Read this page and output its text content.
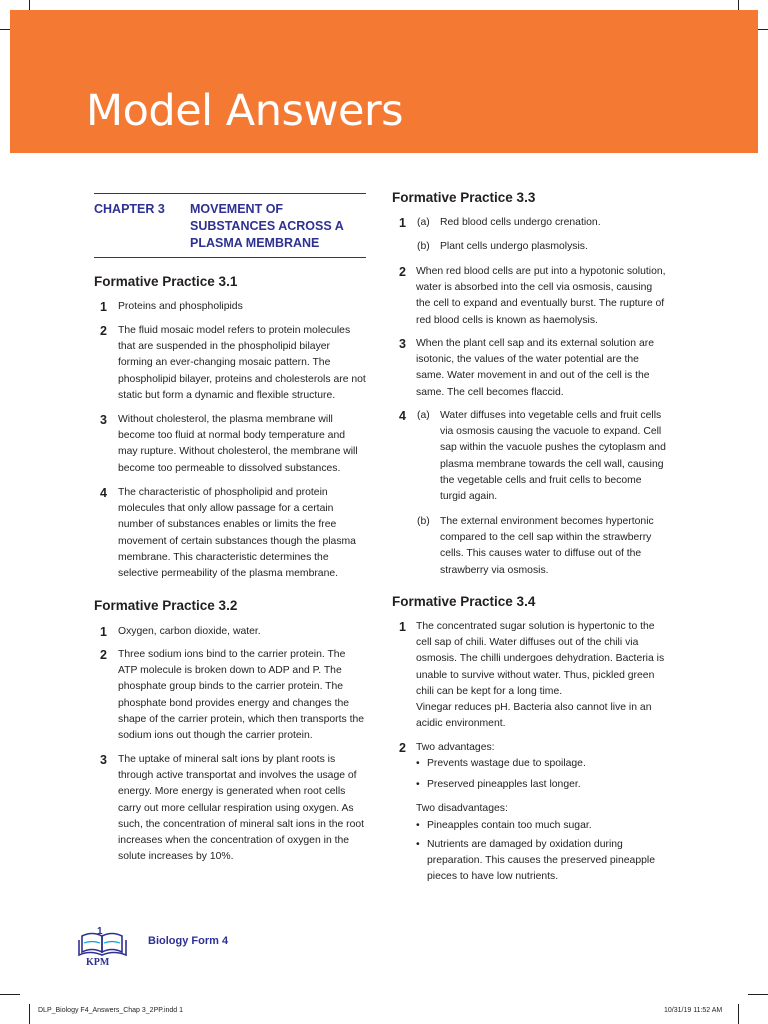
Model Answers
CHAPTER 3 MOVEMENT OF SUBSTANCES ACROSS A PLASMA MEMBRANE
Formative Practice 3.1
1 Proteins and phospholipids
2 The fluid mosaic model refers to protein molecules that are suspended in the phospholipid bilayer forming an ever-changing mosaic pattern. The phospholipid bilayer, proteins and cholesterols are not static but form a dynamic and flexible structure.
3 Without cholesterol, the plasma membrane will become too fluid at normal body temperature and may rupture. Without cholesterol, the membrane will become too permeable to dissolved substances.
4 The characteristic of phospholipid and protein molecules that only allow passage for a certain number of substances enables or limits the free movement of certain substances though the plasma membrane. This characteristic determines the selective permeability of the plasma membrane.
Formative Practice 3.2
1 Oxygen, carbon dioxide, water.
2 Three sodium ions bind to the carrier protein. The ATP molecule is broken down to ADP and P. The phosphate group binds to the carrier protein. The phosphate bond provides energy and changes the shape of the carrier protein, which then transports the sodium ions out though the carrier protein.
3 The uptake of mineral salt ions by plant roots is through active transportat and involves the usage of energy. More energy is generated when root cells carry out more cellular respiration using oxygen. As such, the concentration of mineral salt ions in the root increases when the concentration of oxygen in the solute increases by 10%.
Formative Practice 3.3
1 (a) Red blood cells undergo crenation.
(b) Plant cells undergo plasmolysis.
2 When red blood cells are put into a hypotonic solution, water is absorbed into the cell via osmosis, causing the cell to expand and eventually burst. The rupture of red blood cells is known as haemolysis.
3 When the plant cell sap and its external solution are isotonic, the values of the water potential are the same. Water movement in and out of the cell is the same. The cell becomes flaccid.
4 (a) Water diffuses into vegetable cells and fruit cells via osmosis causing the vacuole to expand. Cell sap within the vacuole pushes the cytoplasm and plasma membrane towards the cell wall, causing the vegetable cells and fruit cells to become turgid again.
(b) The external environment becomes hypertonic compared to the cell sap within the strawberry cells. This causes water to diffuse out of the strawberry via osmosis.
Formative Practice 3.4
1 The concentrated sugar solution is hypertonic to the cell sap of chili. Water diffuses out of the chili via osmosis. The chilli undergoes dehydration. Bacteria is unable to survive without water. Thus, pickled green chili can be kept for a long time.
Vinegar reduces pH. Bacteria also cannot live in an acidic environment.
2 Two advantages:
• Prevents wastage due to spoilage.
• Preserved pineapples last longer.
Two disadvantages:
• Pineapples contain too much sugar.
• Nutrients are damaged by oxidation during preparation. This causes the preserved pineapple pieces to have low nutrients.
1
KPM
Biology Form 4
DLP_Biology F4_Answers_Chap 3_2PP.indd 1	10/31/19 11:52 AM
